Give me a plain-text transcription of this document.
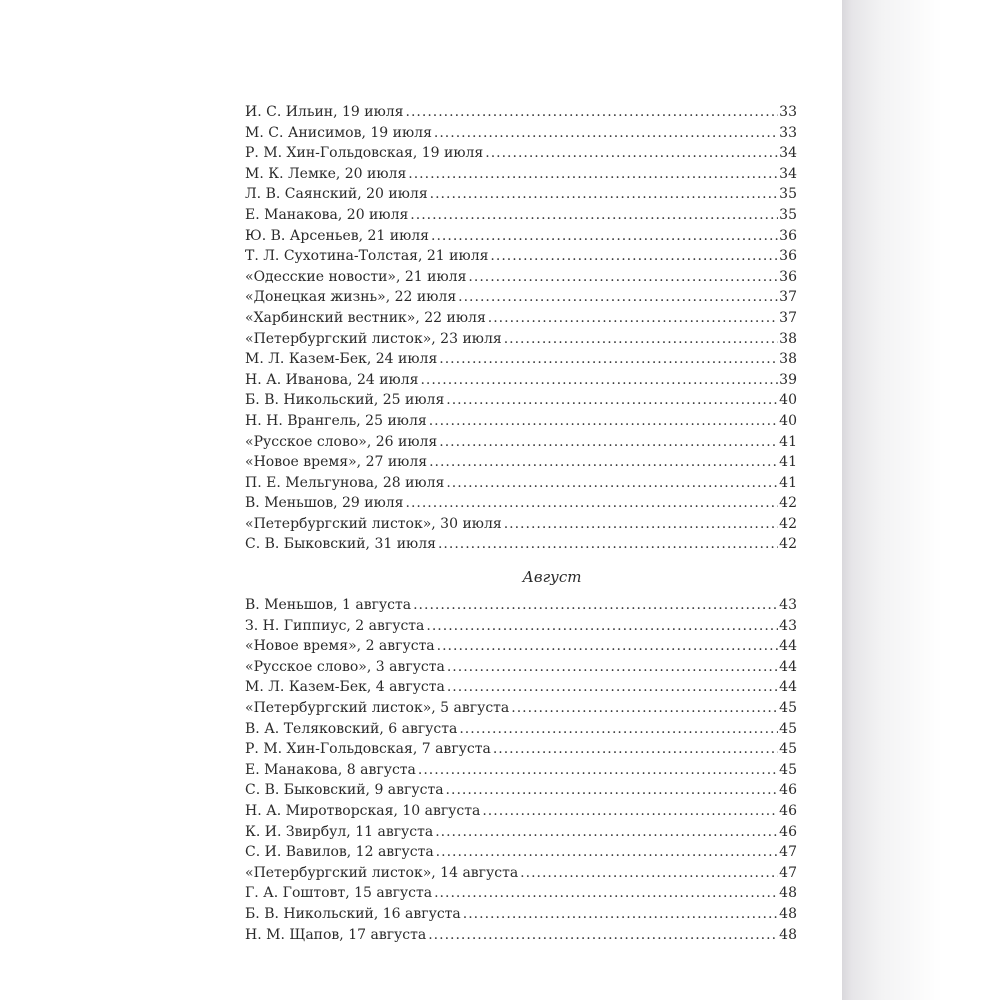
И. С. Ильин, 19 июля .....	33
М. С. Анисимов, 19 июля .....	33
Р. М. Хин-Гольдовская, 19 июля .....	34
М. К. Лемке, 20 июля .....	34
Л. В. Саянский, 20 июля .....	35
Е. Манакова, 20 июля .....	35
Ю. В. Арсеньев, 21 июля .....	36
Т. Л. Сухотина-Толстая, 21 июля .....	36
«Одесские новости», 21 июля .....	36
«Донецкая жизнь», 22 июля .....	37
«Харбинский вестник», 22 июля .....	37
«Петербургский листок», 23 июля .....	38
М. Л. Казем-Бек, 24 июля .....	38
Н. А. Иванова, 24 июля .....	39
Б. В. Никольский, 25 июля .....	40
Н. Н. Врангель, 25 июля .....	40
«Русское слово», 26 июля .....	41
«Новое время», 27 июля .....	41
П. Е. Мельгунова, 28 июля .....	41
В. Меньшов, 29 июля .....	42
«Петербургский листок», 30 июля .....	42
С. В. Быковский, 31 июля .....	42
Август
В. Меньшов, 1 августа .....	43
З. Н. Гиппиус, 2 августа .....	43
«Новое время», 2 августа .....	44
«Русское слово», 3 августа .....	44
М. Л. Казем-Бек, 4 августа .....	44
«Петербургский листок», 5 августа .....	45
В. А. Теляковский, 6 августа .....	45
Р. М. Хин-Гольдовская, 7 августа .....	45
Е. Манакова, 8 августа .....	45
С. В. Быковский, 9 августа .....	46
Н. А. Миротворская, 10 августа .....	46
К. И. Звирбул, 11 августа .....	46
С. И. Вавилов, 12 августа .....	47
«Петербургский листок», 14 августа .....	47
Г. А. Гоштовт, 15 августа .....	48
Б. В. Никольский, 16 августа .....	48
Н. М. Щапов, 17 августа .....	48
